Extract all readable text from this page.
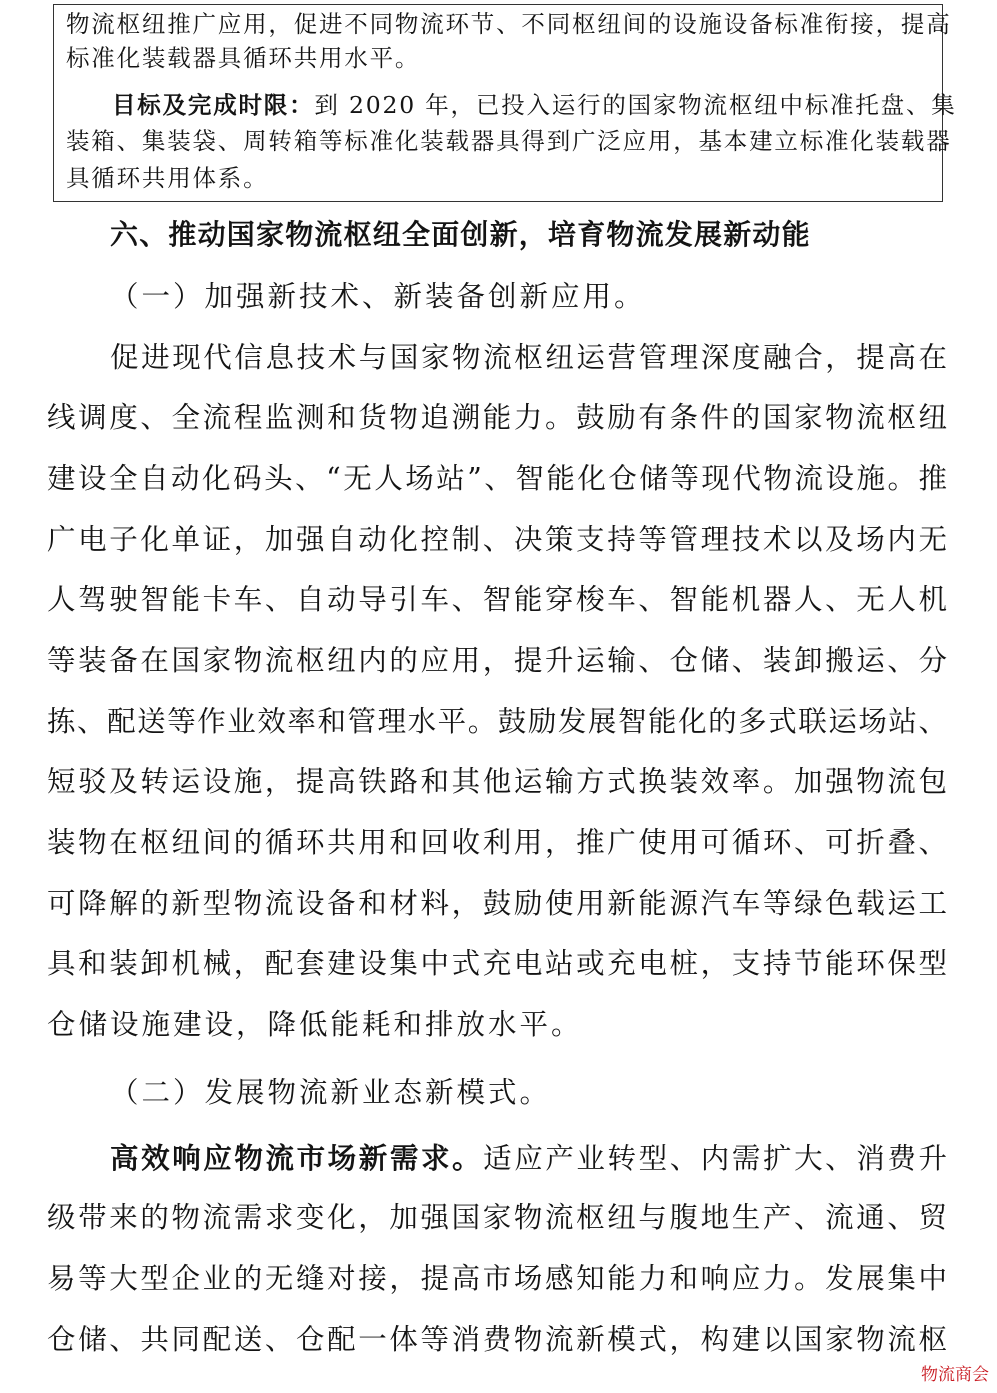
物流枢纽推广应用，促进不同物流环节、不同枢纽间的设施设备标准衔接，提高
标准化装载器具循环共用水平。
目标及完成时限：到 2020 年，已投入运行的国家物流枢纽中标准托盘、集
装箱、集装袋、周转箱等标准化装载器具得到广泛应用，基本建立标准化装载器
具循环共用体系。
六、推动国家物流枢纽全面创新，培育物流发展新动能
（一）加强新技术、新装备创新应用。
促进现代信息技术与国家物流枢纽运营管理深度融合，提高在
线调度、全流程监测和货物追溯能力。鼓励有条件的国家物流枢纽
建设全自动化码头、“无人场站”、智能化仓储等现代物流设施。推
广电子化单证，加强自动化控制、决策支持等管理技术以及场内无
人驾驶智能卡车、自动导引车、智能穿梭车、智能机器人、无人机
等装备在国家物流枢纽内的应用，提升运输、仓储、装卸搬运、分
拣、配送等作业效率和管理水平。鼓励发展智能化的多式联运场站、
短驳及转运设施，提高铁路和其他运输方式换装效率。加强物流包
装物在枢纽间的循环共用和回收利用，推广使用可循环、可折叠、
可降解的新型物流设备和材料，鼓励使用新能源汽车等绿色载运工
具和装卸机械，配套建设集中式充电站或充电桩，支持节能环保型
仓储设施建设，降低能耗和排放水平。
（二）发展物流新业态新模式。
高效响应物流市场新需求。适应产业转型、内需扩大、消费升
级带来的物流需求变化，加强国家物流枢纽与腹地生产、流通、贸
易等大型企业的无缝对接，提高市场感知能力和响应力。发展集中
仓储、共同配送、仓配一体等消费物流新模式，构建以国家物流枢
物流商会
